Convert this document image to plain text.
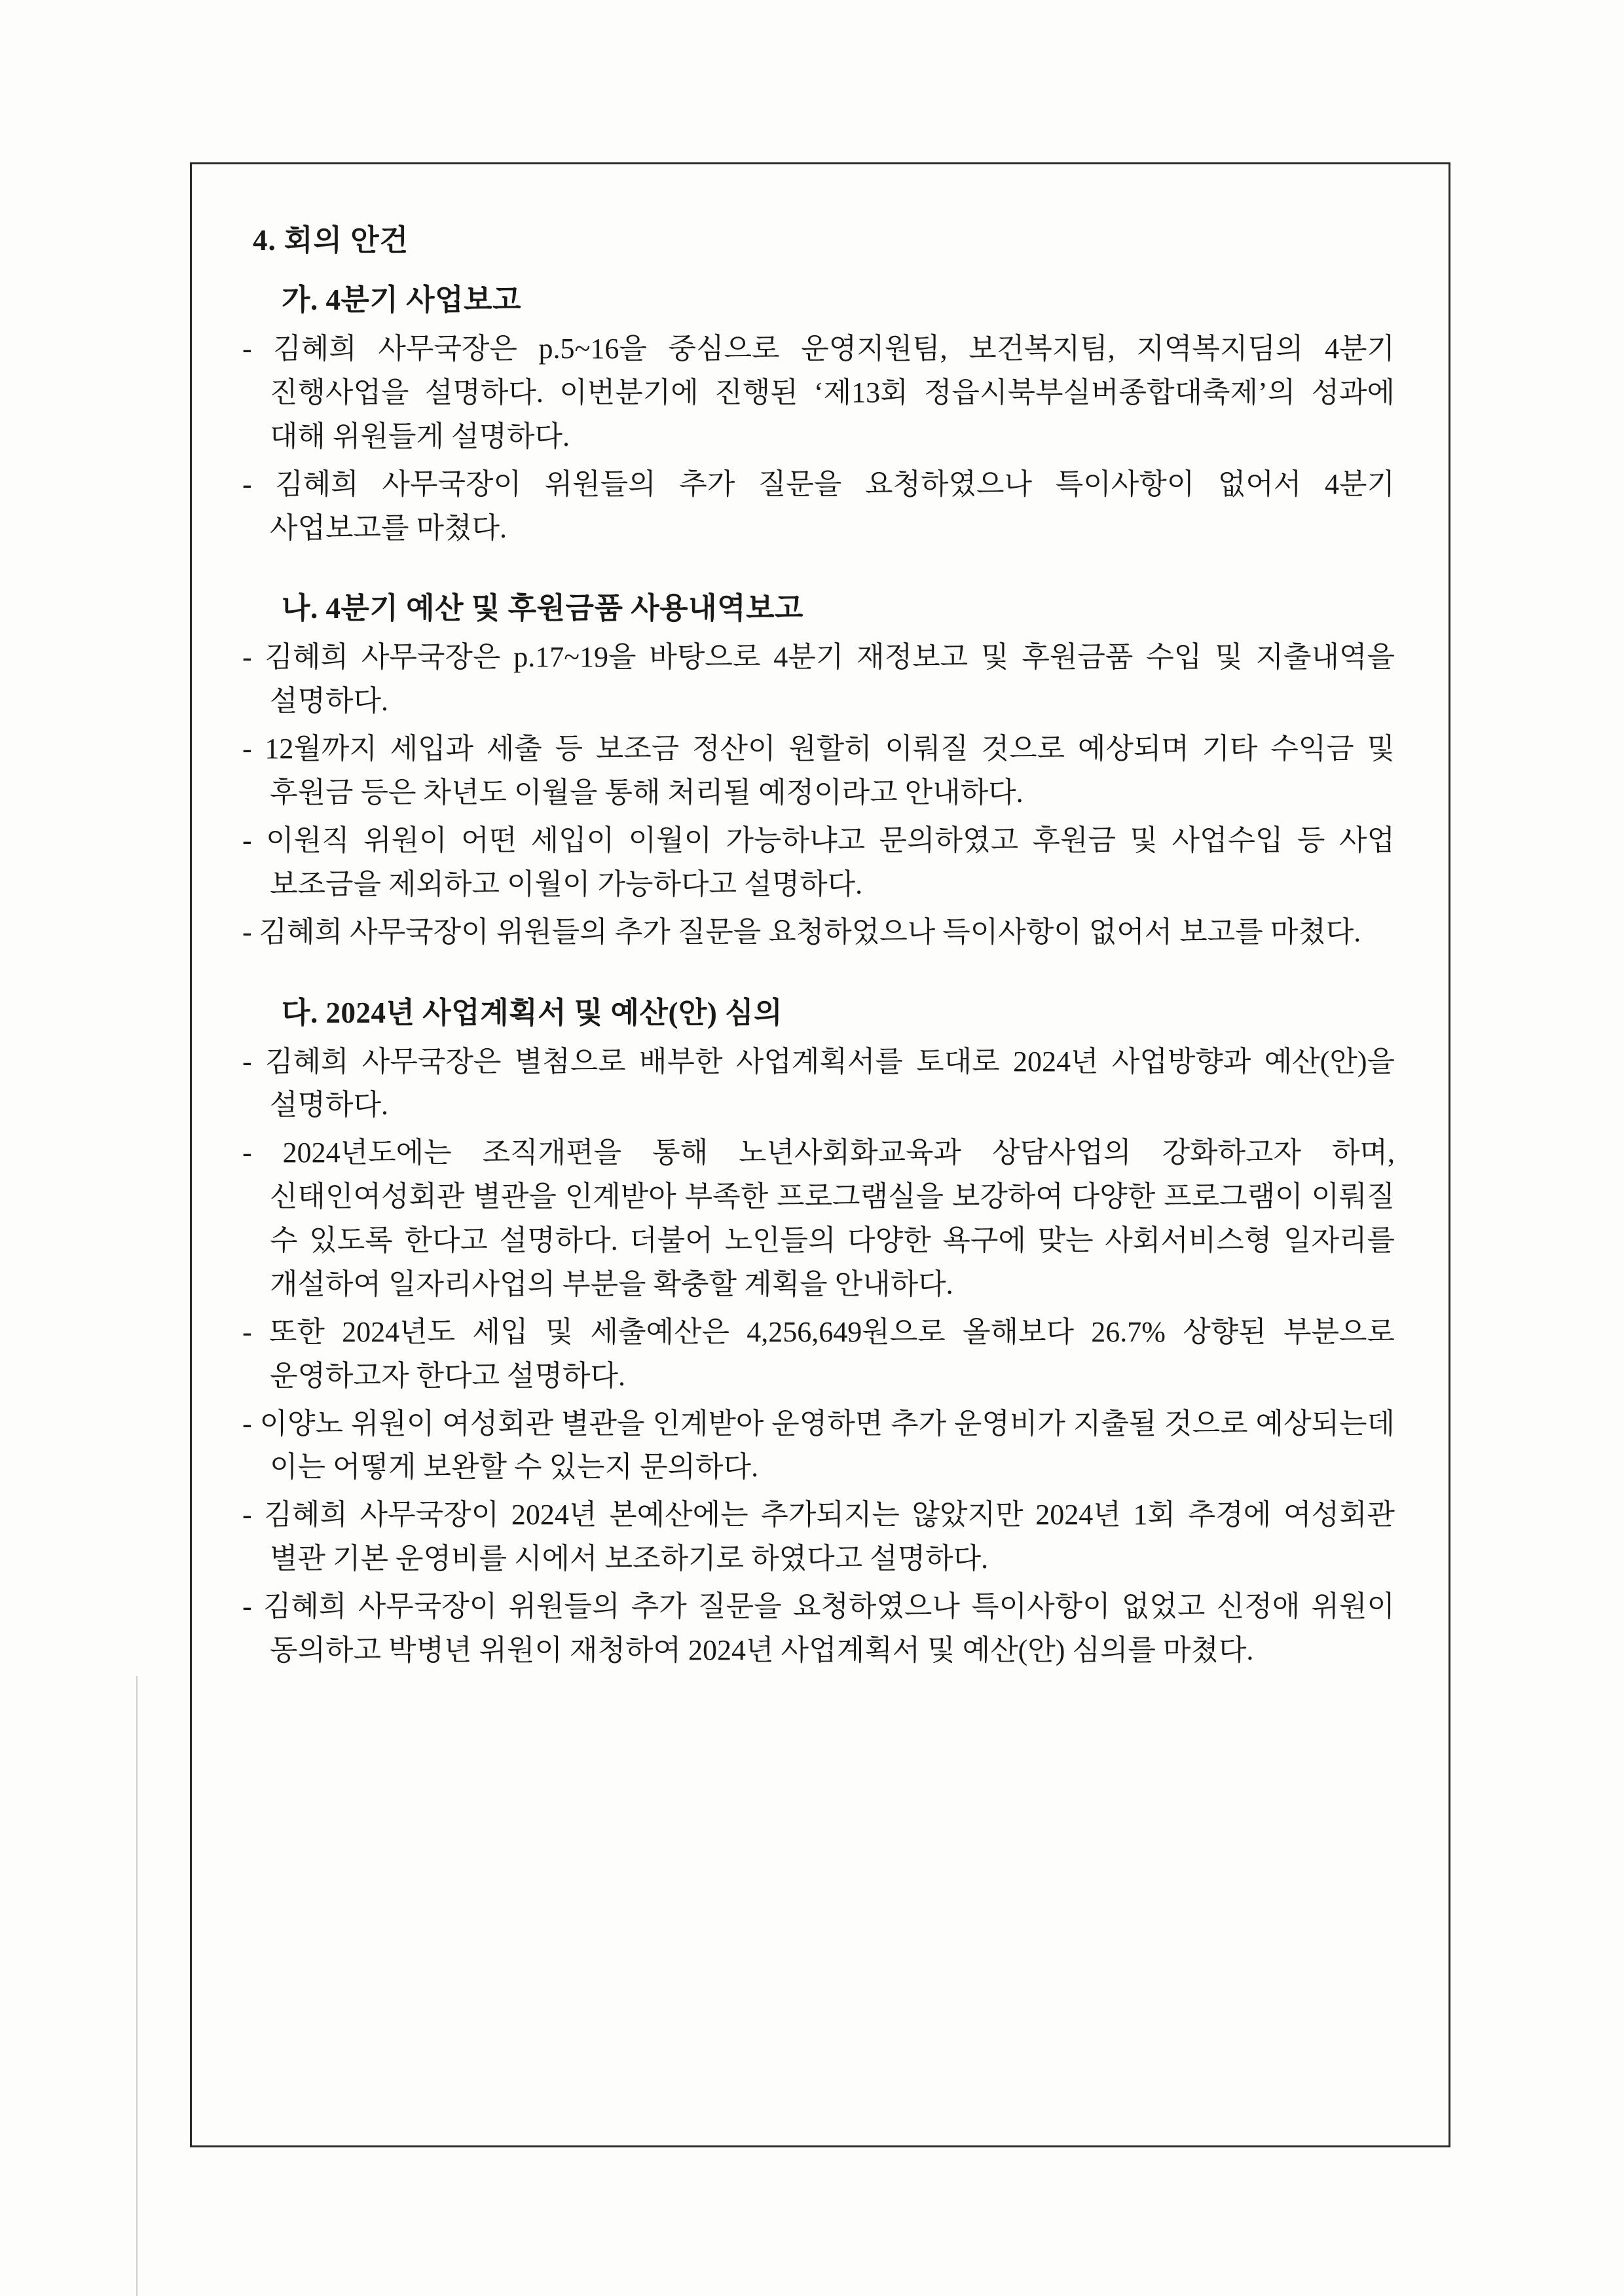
4. 회의 안건
가. 4분기 사업보고

- 김혜희 사무국장은 p.5~16을 중심으로 운영지원팀, 보건복지팀, 지역복지딤의 4분기 진행사업을 설명하다. 이번분기에 진행된 ‘제13회 정읍시북부실버종합대축제’의 성과에 대해 위원들게 설명하다.

- 김혜희 사무국장이 위원들의 추가 질문을 요청하였으나 특이사항이 없어서 4분기 사업보고를 마쳤다.

나. 4분기 예산 및 후원금품 사용내역보고

- 김혜희 사무국장은 p.17~19을 바탕으로 4분기 재정보고 및 후원금품 수입 및 지출내역을 설명하다.

- 12월까지 세입과 세출 등 보조금 정산이 원할히 이뤄질 것으로 예상되며 기타 수익금 및 후원금 등은 차년도 이월을 통해 처리될 예정이라고 안내하다.

- 이원직 위원이 어떤 세입이 이월이 가능하냐고 문의하였고 후원금 및 사업수입 등 사업 보조금을 제외하고 이월이 가능하다고 설명하다.

- 김혜희 사무국장이 위원들의 추가 질문을 요청하었으나 득이사항이 없어서 보고를 마쳤다.

다. 2024년 사업계획서 및 예산(안) 심의

- 김혜희 사무국장은 별첨으로 배부한 사업계획서를 토대로 2024년 사업방향과 예산(안)을 설명하다.

- 2024년도에는 조직개편을 통해 노년사회화교육과 상담사업의 강화하고자 하며, 신태인여성회관 별관을 인계받아 부족한 프로그램실을 보강하여 다양한 프로그램이 이뤄질 수 있도록 한다고 설명하다. 더불어 노인들의 다양한 욕구에 맞는 사회서비스형 일자리를 개설하여 일자리사업의 부분을 확충할 계획을 안내하다.

- 또한 2024년도 세입 및 세출예산은 4,256,649원으로 올해보다 26.7% 상향된 부분으로 운영하고자 한다고 설명하다.

- 이양노 위원이 여성회관 별관을 인계받아 운영하면 추가 운영비가 지출될 것으로 예상되는데 이는 어떻게 보완할 수 있는지 문의하다.

- 김혜희 사무국장이 2024년 본예산에는 추가되지는 않았지만 2024년 1회 추경에 여성회관 별관 기본 운영비를 시에서 보조하기로 하였다고 설명하다.

- 김혜희 사무국장이 위원들의 추가 질문을 요청하였으나 특이사항이 없었고 신정애 위원이 동의하고 박병년 위원이 재청하여 2024년 사업계획서 및 예산(안) 심의를 마쳤다.
